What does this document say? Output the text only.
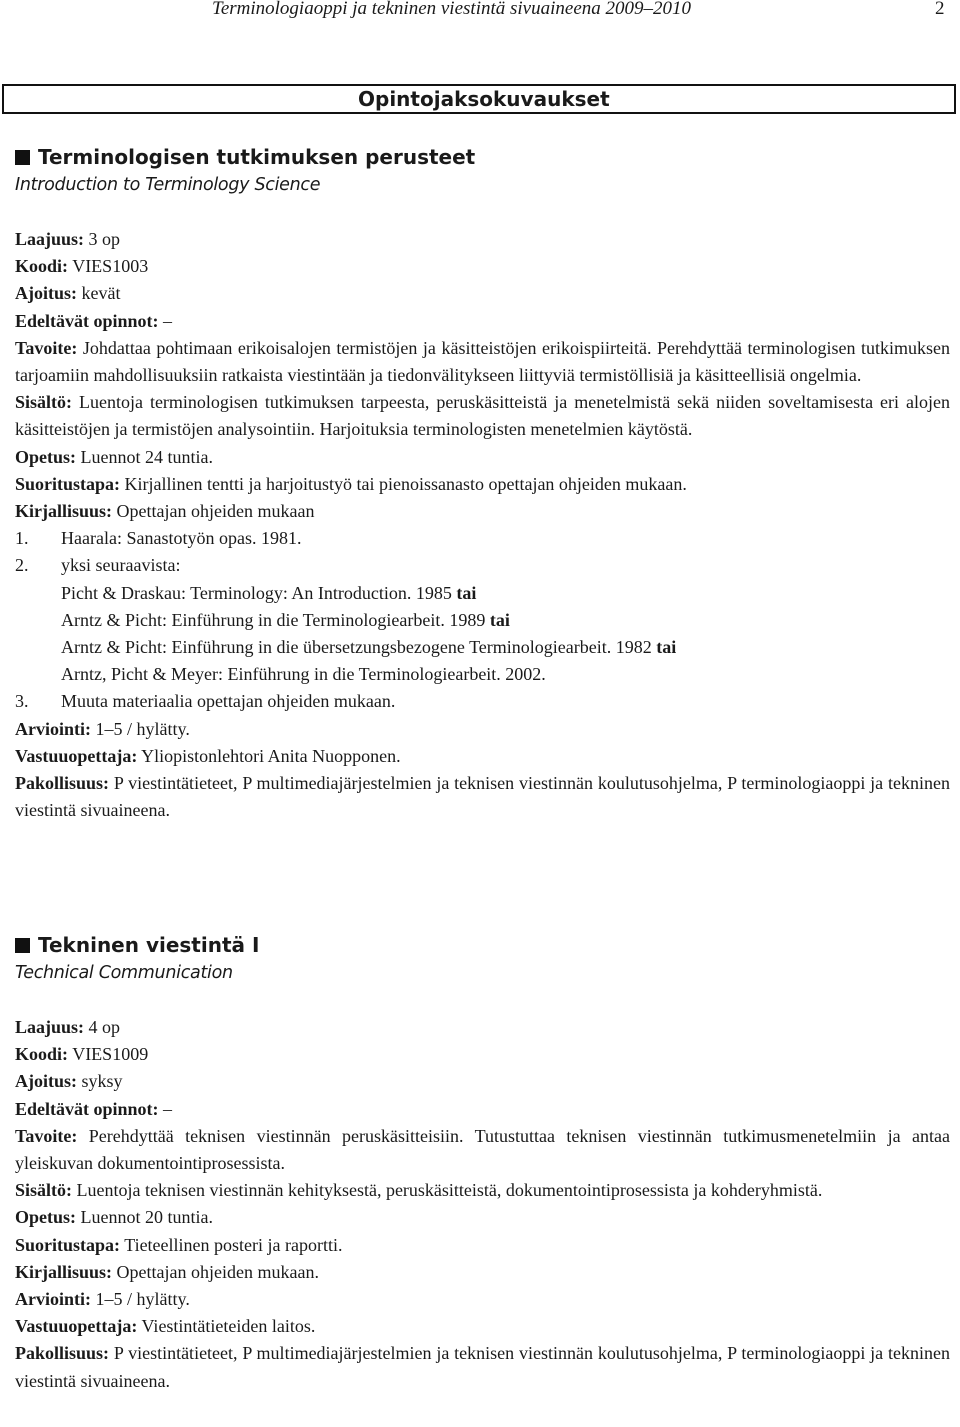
Terminologiaoppi ja tekninen viestintä sivuaineena 2009–2010	2
Opintojaksokuvaukset
Terminologisen tutkimuksen perusteet
Introduction to Terminology Science
Laajuus: 3 op
Koodi: VIES1003
Ajoitus: kevät
Edeltävät opinnot: –
Tavoite: Johdattaa pohtimaan erikoisalojen termistöjen ja käsitteistöjen erikoispiirteitä. Perehdyttää terminologisen tutkimuksen tarjoamiin mahdollisuuksiin ratkaista viestintään ja tiedonvälitykseen liittyviä termistöllisiä ja käsitteellisiä ongelmia.
Sisältö: Luentoja terminologisen tutkimuksen tarpeesta, peruskäsitteistä ja menetelmistä sekä niiden soveltamisesta eri alojen käsitteistöjen ja termistöjen analysointiin. Harjoituksia terminologisten menetelmien käytöstä.
Opetus: Luennot 24 tuntia.
Suoritustapa: Kirjallinen tentti ja harjoitustyö tai pienoissanasto opettajan ohjeiden mukaan.
Kirjallisuus: Opettajan ohjeiden mukaan
1. Haarala: Sanastotyön opas. 1981.
2. yksi seuraavista:
Picht & Draskau: Terminology: An Introduction. 1985 tai
Arntz & Picht: Einführung in die Terminologiearbeit. 1989 tai
Arntz & Picht: Einführung in die übersetzungsbezogene Terminologiearbeit. 1982 tai
Arntz, Picht & Meyer: Einführung in die Terminologiearbeit. 2002.
3. Muuta materiaalia opettajan ohjeiden mukaan.
Arviointi: 1–5 / hylätty.
Vastuuopettaja: Yliopistonlehtori Anita Nuopponen.
Pakollisuus: P viestintätieteet, P multimediajärjestelmien ja teknisen viestinnän koulutusohjelma, P terminologiaoppi ja tekninen viestintä sivuaineena.
Tekninen viestintä I
Technical Communication
Laajuus: 4 op
Koodi: VIES1009
Ajoitus: syksy
Edeltävät opinnot: –
Tavoite: Perehdyttää teknisen viestinnän peruskäsitteisiin. Tutustuttaa teknisen viestinnän tutkimusmenetelmiin ja antaa yleiskuvan dokumentointiprosessista.
Sisältö: Luentoja teknisen viestinnän kehityksestä, peruskäsitteistä, dokumentointiprosessista ja kohderyhmistä.
Opetus: Luennot 20 tuntia.
Suoritustapa: Tieteellinen posteri ja raportti.
Kirjallisuus: Opettajan ohjeiden mukaan.
Arviointi: 1–5 / hylätty.
Vastuuopettaja: Viestintätieteiden laitos.
Pakollisuus: P viestintätieteet, P multimediajärjestelmien ja teknisen viestinnän koulutusohjelma, P terminologiaoppi ja tekninen viestintä sivuaineena.
